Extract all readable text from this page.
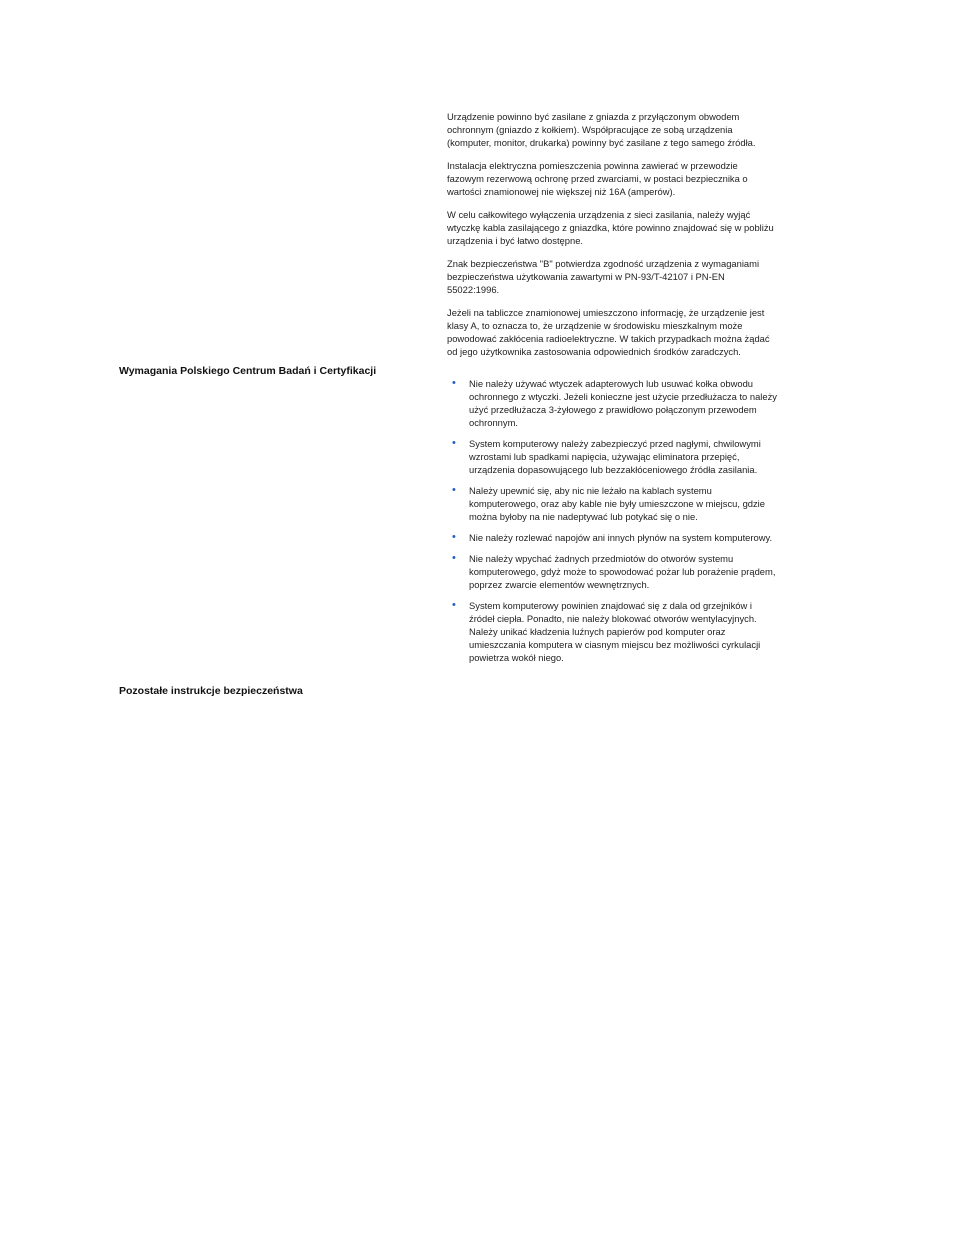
Wymagania Polskiego Centrum Badań i Certyfikacji
Pozostałe instrukcje bezpieczeństwa

Urządzenie powinno być zasilane z gniazda z przyłączonym obwodem ochronnym (gniazdo z kołkiem). Współpracujące ze sobą urządzenia (komputer, monitor, drukarka) powinny być zasilane z tego samego źródła.

Instalacja elektryczna pomieszczenia powinna zawierać w przewodzie fazowym rezerwową ochronę przed zwarciami, w postaci bezpiecznika o wartości znamionowej nie większej niż 16A (amperów).

W celu całkowitego wyłączenia urządzenia z sieci zasilania, należy wyjąć wtyczkę kabla zasilającego z gniazdka, które powinno znajdować się w pobliżu urządzenia i być łatwo dostępne.

Znak bezpieczeństwa "B" potwierdza zgodność urządzenia z wymaganiami bezpieczeństwa użytkowania zawartymi w PN-93/T-42107 i PN-EN 55022:1996.

Jeżeli na tabliczce znamionowej umieszczono informację, że urządzenie jest klasy A, to oznacza to, że urządzenie w środowisku mieszkalnym może powodować zakłócenia radioelektryczne. W takich przypadkach można żądać od jego użytkownika zastosowania odpowiednich środków zaradczych.

• Nie należy używać wtyczek adapterowych lub usuwać kołka obwodu ochronnego z wtyczki. Jeżeli konieczne jest użycie przedłużacza to należy użyć przedłużacza 3-żyłowego z prawidłowo połączonym przewodem ochronnym.
• System komputerowy należy zabezpieczyć przed nagłymi, chwilowymi wzrostami lub spadkami napięcia, używając eliminatora przepięć, urządzenia dopasowującego lub bezzakłóceniowego źródła zasilania.
• Należy upewnić się, aby nic nie leżało na kablach systemu komputerowego, oraz aby kable nie były umieszczone w miejscu, gdzie można byłoby na nie nadeptywać lub potykać się o nie.
• Nie należy rozlewać napojów ani innych płynów na system komputerowy.
• Nie należy wpychać żadnych przedmiotów do otworów systemu komputerowego, gdyż może to spowodować pożar lub porażenie prądem, poprzez zwarcie elementów wewnętrznych.
• System komputerowy powinien znajdować się z dala od grzejników i źródeł ciepła. Ponadto, nie należy blokować otworów wentylacyjnych. Należy unikać kładzenia luźnych papierów pod komputer oraz umieszczania komputera w ciasnym miejscu bez możliwości cyrkulacji powietrza wokół niego.
